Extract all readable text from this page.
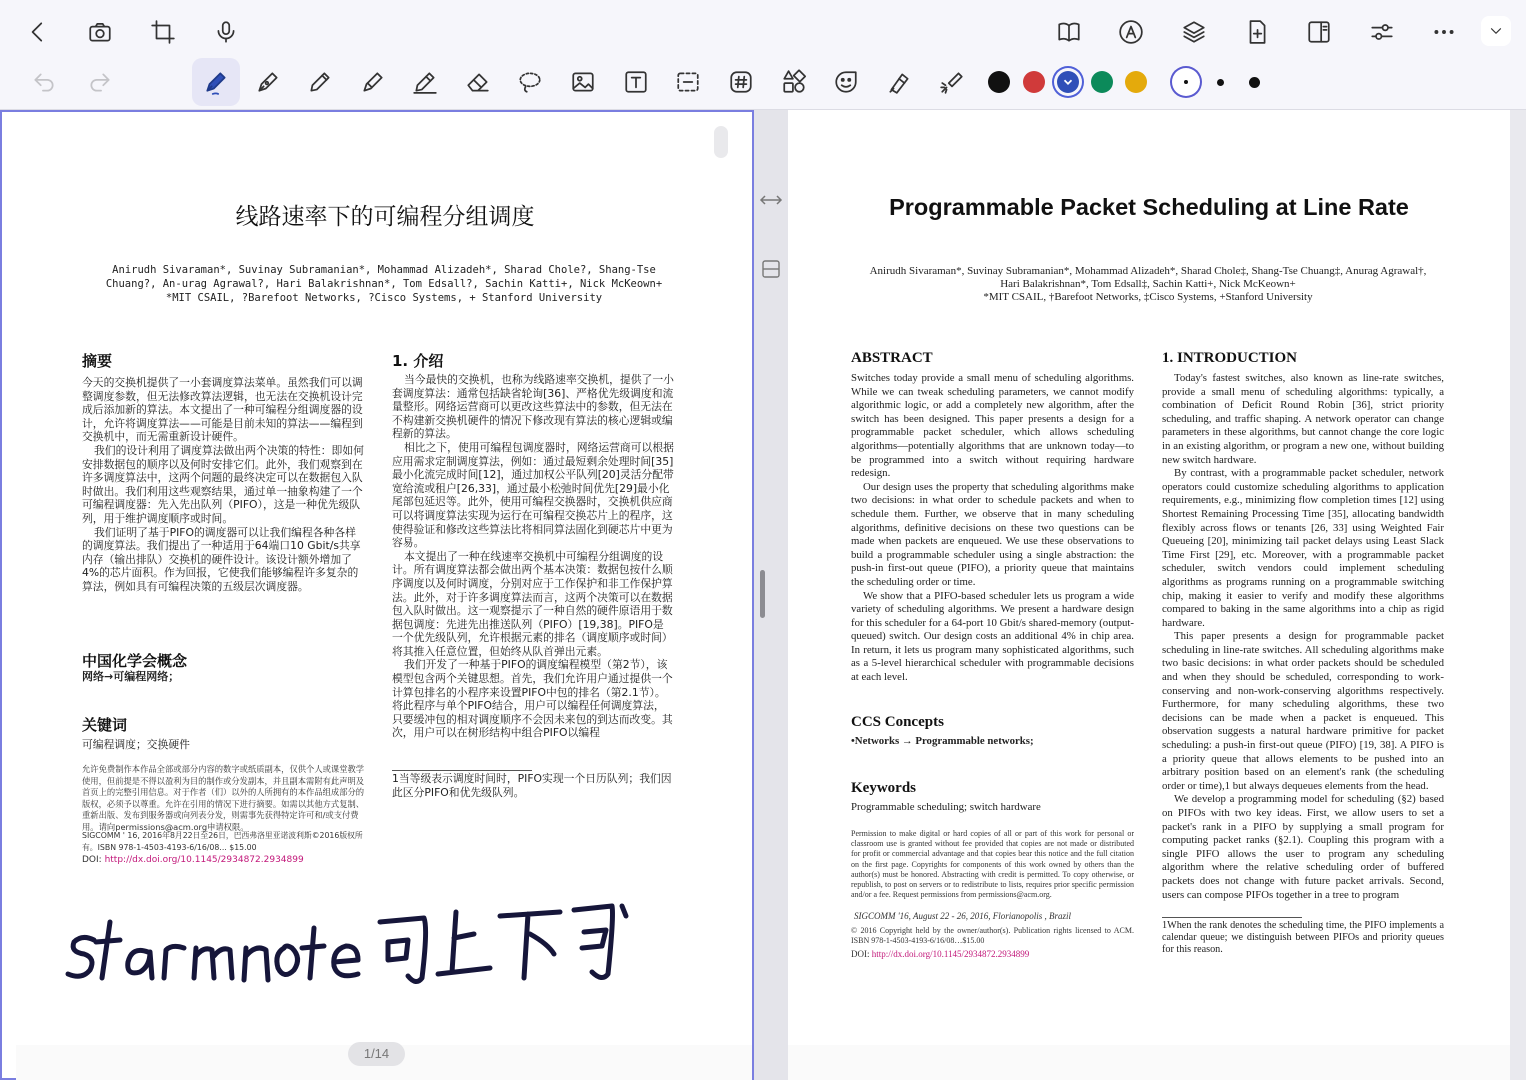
线路速率下的可编程分组调度
Anirudh Sivaraman*, Suvinay Subramanian*, Mohammad Alizadeh*, Sharad Chole?, Shang-Tse Chuang?, An-urag Agrawal?, Hari Balakrishnan*, Tom Edsall?, Sachin Katti+, Nick McKeown+
*MIT CSAIL, ?Barefoot Networks, ?Cisco Systems, + Stanford University
摘要

今天的交换机提供了一小套调度算法菜单。虽然我们可以调整调度参数，但无法修改算法逻辑，也无法在交换机设计完成后添加新的算法。本文提出了一种可编程分组调度器的设计，允许将调度算法——可能是目前未知的算法——编程到交换机中，而无需重新设计硬件。

我们的设计利用了调度算法做出两个决策的特性：即如何安排数据包的顺序以及何时安排它们。此外，我们观察到在许多调度算法中，这两个问题的最终决定可以在数据包入队时做出。我们利用这些观察结果，通过单一抽象构建了一个可编程调度器：先入先出队列（PIFO），这是一种优先级队列，用于维护调度顺序或时间。

我们证明了基于PIFO的调度器可以让我们编程各种各样的调度算法。我们提出了一种适用于64端口10 Gbit/s共享内存（输出排队）交换机的硬件设计。该设计额外增加了4%的芯片面积。作为回报，它使我们能够编程许多复杂的算法，例如具有可编程决策的五级层次调度器。

中国化学会概念
网络→可编程网络；
关键词
可编程调度；交换硬件
允许免费制作本作品全部或部分内容的数字或纸质副本，仅供个人或课堂教学使用，但前提是不得以盈利为目的制作或分发副本，并且副本需附有此声明及首页上的完整引用信息。对于作者（们）以外的人所拥有的本作品组成部分的版权，必须予以尊重。允许在引用的情况下进行摘要。如需以其他方式复制、重新出版、发布到服务器或向列表分发，则需事先获得特定许可和/或支付费用。请向permissions@acm.org申请权限。
SIGCOMM ' 16, 2016年8月22日至26日，巴西弗洛里亚诺波利斯©2016版权所有。ISBN 978-1-4503-4193-6/16/08... $15.00
DOI: http://dx.doi.org/10.1145/2934872.2934899
1. 介绍

当今最快的交换机，也称为线路速率交换机，提供了一小套调度算法：通常包括缺省轮询[36]、严格优先级调度和流量整形。网络运营商可以更改这些算法中的参数，但无法在不构建新交换机硬件的情况下修改现有算法的核心逻辑或编程新的算法。

相比之下，使用可编程包调度器时，网络运营商可以根据应用需求定制调度算法，例如：通过最短剩余处理时间[35]最小化流完成时间[12]，通过加权公平队列[20]灵活分配带宽给流或租户[26,33]，通过最小松弛时间优先[29]最小化尾部包延迟等。此外，使用可编程交换器时，交换机供应商可以将调度算法实现为运行在可编程交换芯片上的程序，这使得验证和修改这些算法比将相同算法固化到硬芯片中更为容易。

本文提出了一种在线速率交换机中可编程分组调度的设计。所有调度算法都会做出两个基本决策：数据包按什么顺序调度以及何时调度，分别对应于工作保护和非工作保护算法。此外，对于许多调度算法而言，这两个决策可以在数据包入队时做出。这一观察提示了一种自然的硬件原语用于数据包调度：先进先出推送队列（PIFO）[19,38]。PIFO是一个优先级队列，允许根据元素的排名（调度顺序或时间）将其推入任意位置，但始终从队首弹出元素。

我们开发了一种基于PIFO的调度编程模型（第2节），该模型包含两个关键思想。首先，我们允许用户通过提供一个计算包排名的小程序来设置PIFO中包的排名（第2.1节）。将此程序与单个PIFO结合，用户可以编程任何调度算法，只要缓冲包的相对调度顺序不会因未来包的到达而改变。其次，用户可以在树形结构中组合PIFO以编程

1当等级表示调度时间时，PIFO实现一个日历队列；我们因此区分PIFO和优先级队列。
Programmable Packet Scheduling at Line Rate
Anirudh Sivaraman*, Suvinay Subramanian*, Mohammad Alizadeh*, Sharad Chole‡, Shang-Tse Chuang‡, Anurag Agrawal†,
Hari Balakrishnan*, Tom Edsall‡, Sachin Katti+, Nick McKeown+
*MIT CSAIL, †Barefoot Networks, ‡Cisco Systems, +Stanford University
ABSTRACT

Switches today provide a small menu of scheduling algorithms. While we can tweak scheduling parameters, we cannot modify algorithmic logic, or add a completely new algorithm, after the switch has been designed. This paper presents a design for a programmable packet scheduler, which allows scheduling algorithms—potentially algorithms that are unknown today—to be programmed into a switch without requiring hardware redesign.

Our design uses the property that scheduling algorithms make two decisions: in what order to schedule packets and when to schedule them. Further, we observe that in many scheduling algorithms, definitive decisions on these two questions can be made when packets are enqueued. We use these observations to build a programmable scheduler using a single abstraction: the push-in first-out queue (PIFO), a priority queue that maintains the scheduling order or time.

We show that a PIFO-based scheduler lets us program a wide variety of scheduling algorithms. We present a hardware design for this scheduler for a 64-port 10 Gbit/s shared-memory (output-queued) switch. Our design costs an additional 4% in chip area. In return, it lets us program many sophisticated algorithms, such as a 5-level hierarchical scheduler with programmable decisions at each level.

CCS Concepts
•Networks → Programmable networks;
Keywords
Programmable scheduling; switch hardware
Permission to make digital or hard copies of all or part of this work for personal or classroom use is granted without fee provided that copies are not made or distributed for profit or commercial advantage and that copies bear this notice and the full citation on the first page. Copyrights for components of this work owned by others than the author(s) must be honored. Abstracting with credit is permitted. To copy otherwise, or republish, to post on servers or to redistribute to lists, requires prior specific permission and/or a fee. Request permissions from permissions@acm.org.
SIGCOMM '16, August 22 - 26, 2016, Florianopolis , Brazil
© 2016 Copyright held by the owner/author(s). Publication rights licensed to ACM. ISBN 978-1-4503-4193-6/16/08…$15.00
DOI: http://dx.doi.org/10.1145/2934872.2934899
1. INTRODUCTION

Today's fastest switches, also known as line-rate switches, provide a small menu of scheduling algorithms: typically, a combination of Deficit Round Robin [36], strict priority scheduling, and traffic shaping. A network operator can change parameters in these algorithms, but cannot change the core logic in an existing algorithm, or program a new one, without building new switch hardware.

By contrast, with a programmable packet scheduler, network operators could customize scheduling algorithms to application requirements, e.g., minimizing flow completion times [12] using Shortest Remaining Processing Time [35], allocating bandwidth flexibly across flows or tenants [26, 33] using Weighted Fair Queueing [20], minimizing tail packet delays using Least Slack Time First [29], etc. Moreover, with a programmable packet scheduler, switch vendors could implement scheduling algorithms as programs running on a programmable switching chip, making it easier to verify and modify these algorithms compared to baking in the same algorithms into a chip as rigid hardware.

This paper presents a design for programmable packet scheduling in line-rate switches. All scheduling algorithms make two basic decisions: in what order packets should be scheduled and when they should be scheduled, corresponding to work-conserving and non-work-conserving algorithms respectively. Furthermore, for many scheduling algorithms, these two decisions can be made when a packet is enqueued. This observation suggests a natural hardware primitive for packet scheduling: a push-in first-out queue (PIFO) [19, 38]. A PIFO is a priority queue that allows elements to be pushed into an arbitrary position based on an element's rank (the scheduling order or time),1 but always dequeues elements from the head.

We develop a programming model for scheduling (§2) based on PIFOs with two key ideas. First, we allow users to set a packet's rank in a PIFO by supplying a small program for computing packet ranks (§2.1). Coupling this program with a single PIFO allows the user to program any scheduling algorithm where the relative scheduling order of buffered packets does not change with future packet arrivals. Second, users can compose PIFOs together in a tree to program

1When the rank denotes the scheduling time, the PIFO implements a calendar queue; we distinguish between PIFOs and priority queues for this reason.
1/14
